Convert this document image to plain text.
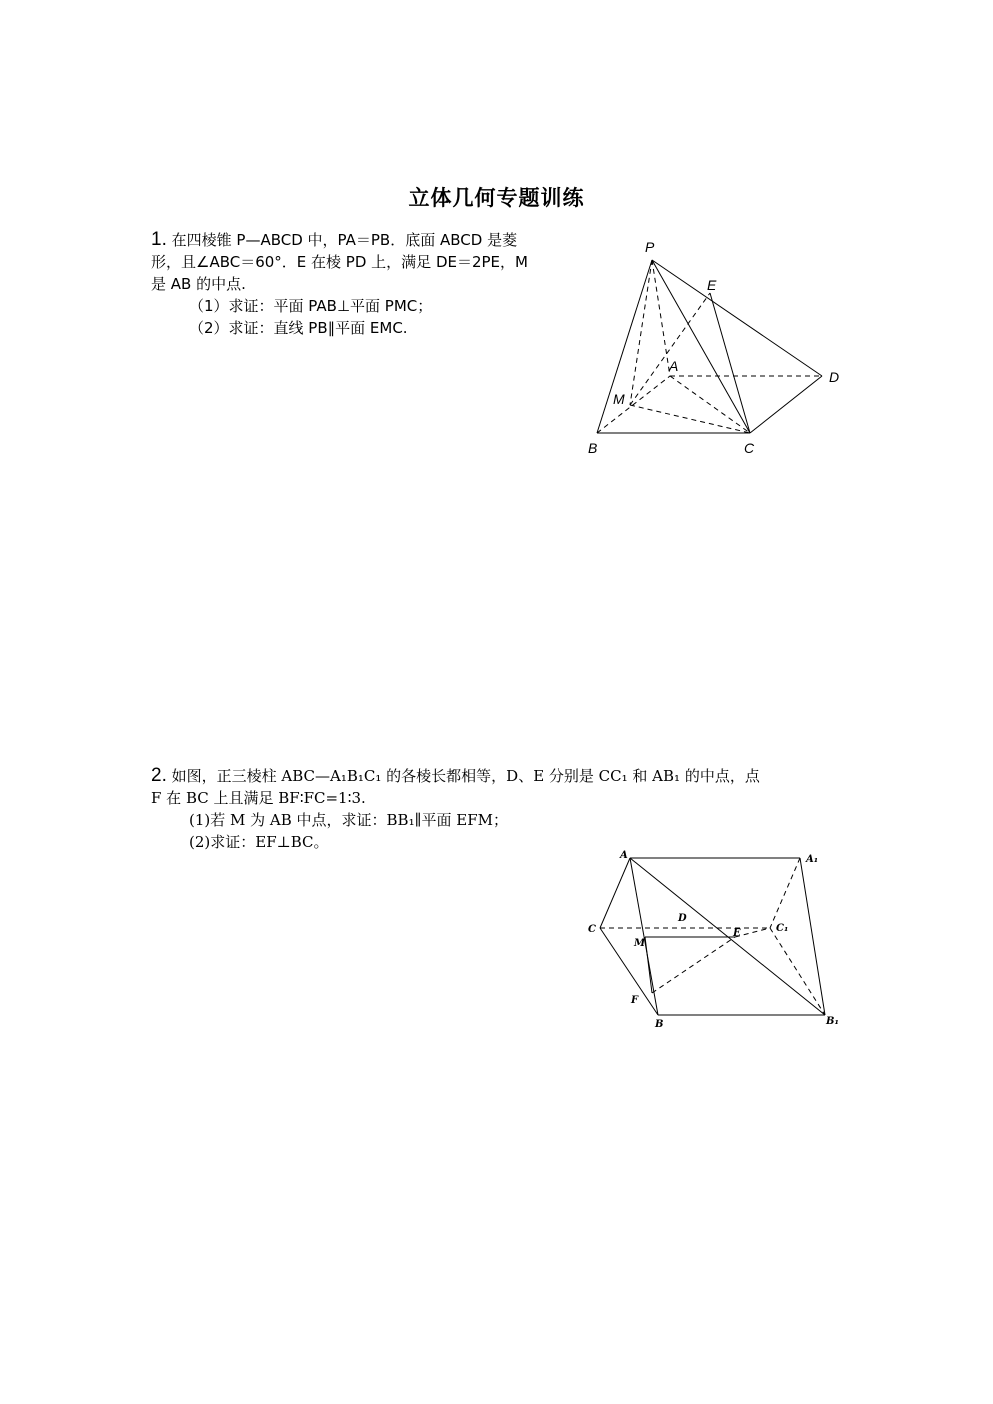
立体几何专题训练
1. 在四棱锥 P—ABCD 中，PA＝PB．底面 ABCD 是菱
形，且∠ABC＝60°．E 在棱 PD 上，满足 DE＝2PE，M
是 AB 的中点.
（1）求证：平面 PAB⊥平面 PMC；
（2）求证：直线 PB∥平面 EMC.
P
E
A
D
M
B	C
2. 如图，正三棱柱 ABC—A₁B₁C₁ 的各棱长都相等，D、E 分别是 CC₁ 和 AB₁ 的中点，点
F 在 BC 上且满足 BF∶FC=1∶3.
(1)若 M 为 AB 中点，求证：BB₁∥平面 EFM；
(2)求证：EF⊥BC。
A	A₁
C
D
E	C₁
M
F
B	B₁
